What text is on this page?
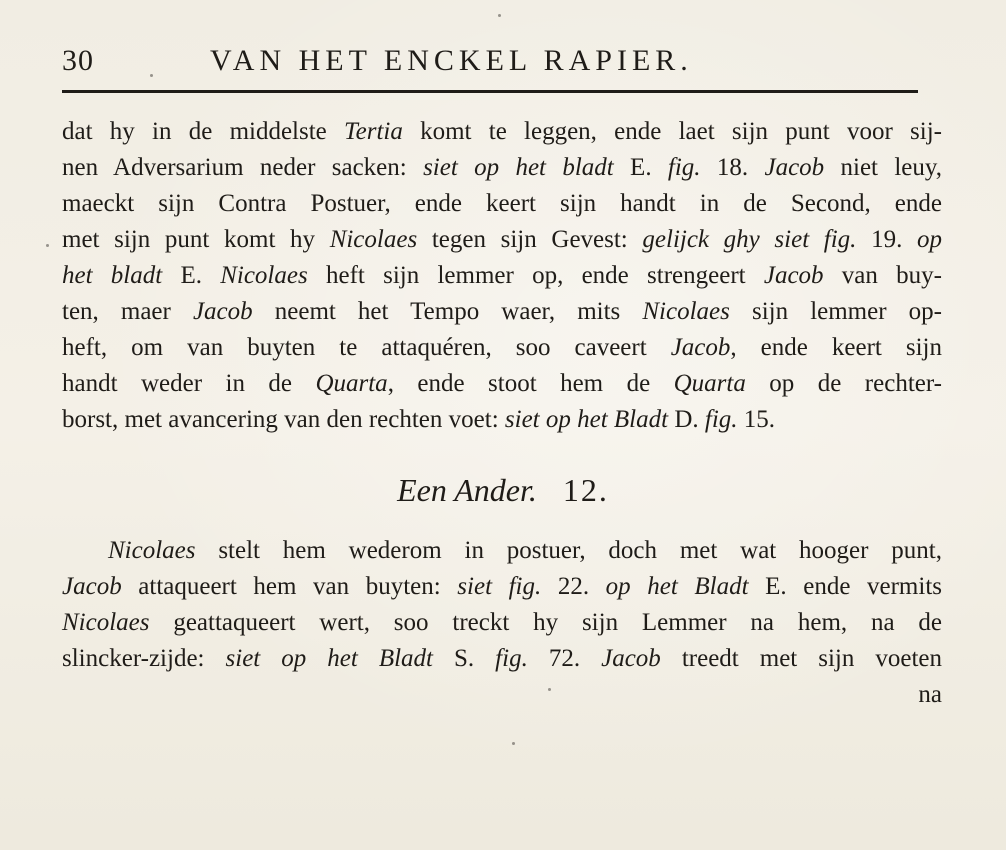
30	VAN HET ENCKEL RAPIER.
dat hy in de middelste Tertia komt te leggen, ende laet sijn punt voor sij-
nen Adversarium neder sacken: siet op het bladt E. fig. 18. Jacob niet leuy,
maeckt sijn Contra Postuer, ende keert sijn handt in de Second, ende
met sijn punt komt hy Nicolaes tegen sijn Gevest: gelijck ghy siet fig. 19. op
het bladt E. Nicolaes heft sijn lemmer op, ende strengeert Jacob van buy-
ten, maer Jacob neemt het Tempo waer, mits Nicolaes sijn lemmer op-
heft, om van buyten te attaquéren, soo caveert Jacob, ende keert sijn
handt weder in de Quarta, ende stoot hem de Quarta op de rechter-
borst, met avancering van den rechten voet: siet op het Bladt D. fig. 15.
Een Ander. 12.
Nicolaes stelt hem wederom in postuer, doch met wat hooger punt,
Jacob attaqueert hem van buyten: siet fig. 22. op het Bladt E. ende vermits
Nicolaes geattaqueert wert, soo treckt hy sijn Lemmer na hem, na de
slincker-zijde: siet op het Bladt S. fig. 72. Jacob treedt met sijn voeten
na
